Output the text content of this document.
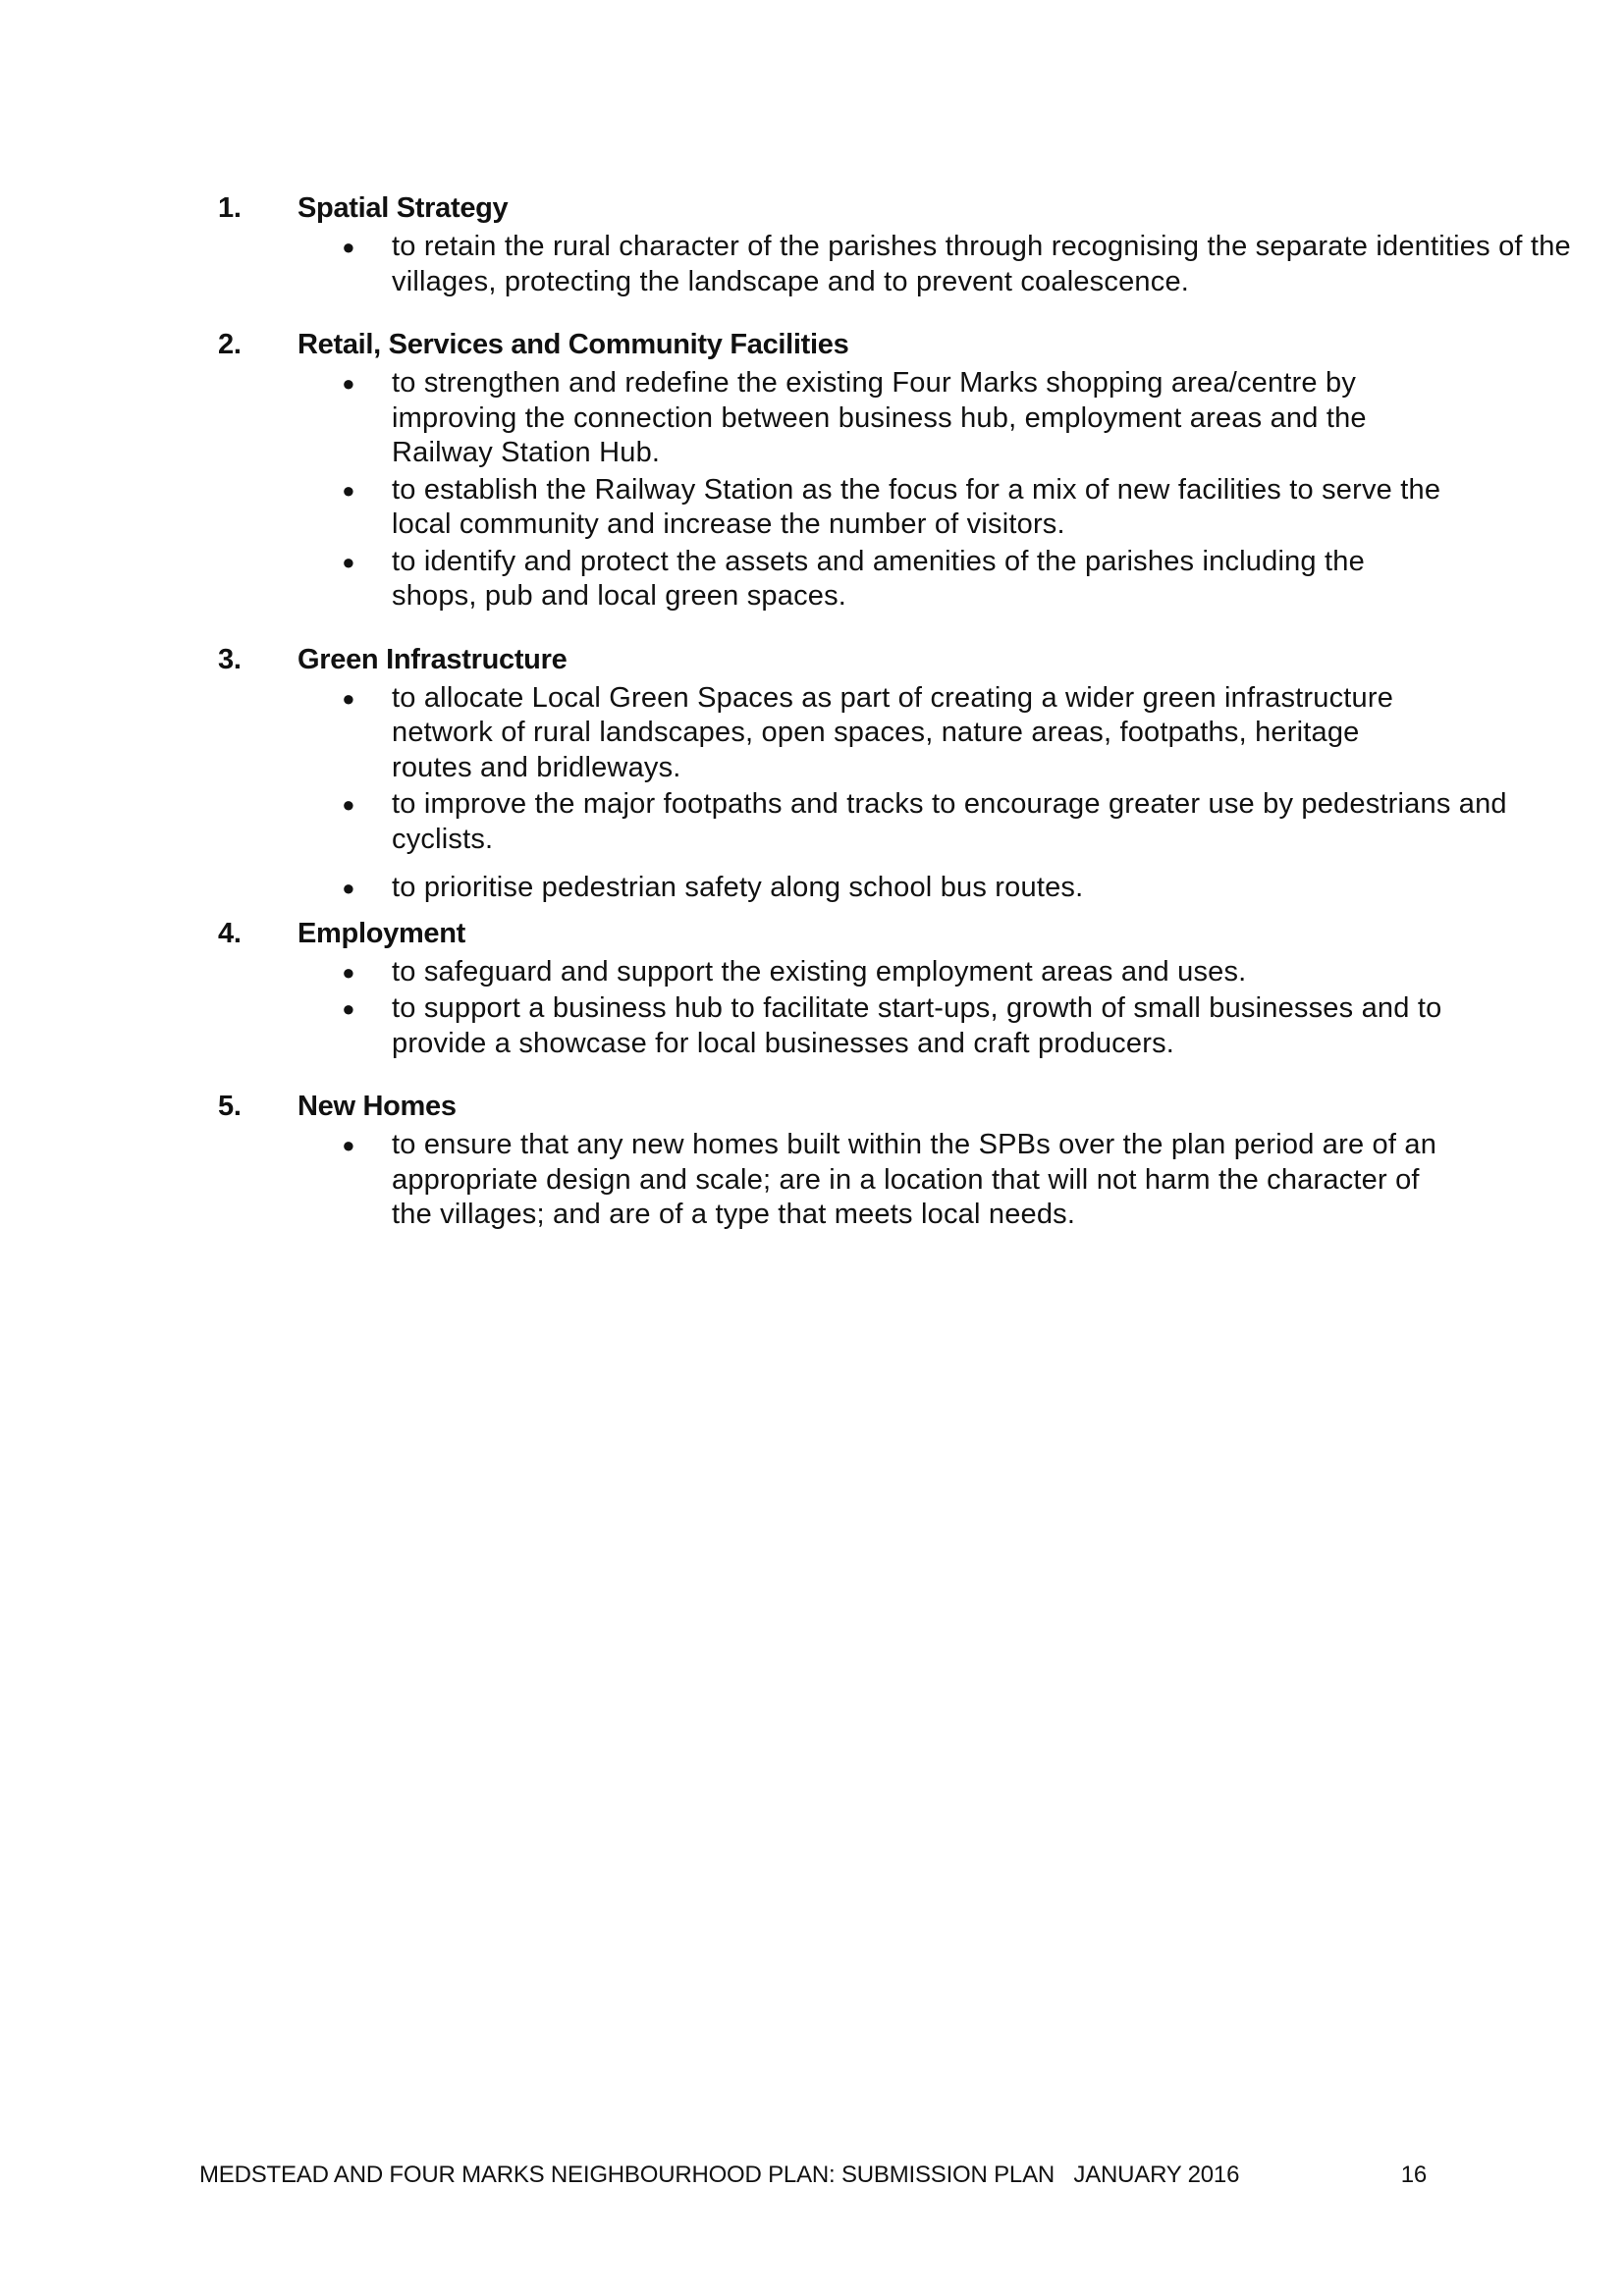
1.	Spatial Strategy
● to retain the rural character of the parishes through recognising the separate identities of the villages, protecting the landscape and to prevent coalescence.
2.	Retail, Services and Community Facilities
● to strengthen and redefine the existing Four Marks shopping area/centre by improving the connection between business hub, employment areas and the Railway Station Hub.
● to establish the Railway Station as the focus for a mix of new facilities to serve the local community and increase the number of visitors.
● to identify and protect the assets and amenities of the parishes including the shops, pub and local green spaces.
3.	Green Infrastructure
● to allocate Local Green Spaces as part of creating a wider green infrastructure network of rural landscapes, open spaces, nature areas, footpaths, heritage routes and bridleways.
● to improve the major footpaths and tracks to encourage greater use by pedestrians and cyclists.
● to prioritise pedestrian safety along school bus routes.
4.	Employment
● to safeguard and support the existing employment areas and uses.
● to support a business hub to facilitate start-ups, growth of small businesses and to provide a showcase for local businesses and craft producers.
5.	New Homes
● to ensure that any new homes built within the SPBs over the plan period are of an appropriate design and scale; are in a location that will not harm the character of the villages; and are of a type that meets local needs.
MEDSTEAD AND FOUR MARKS NEIGHBOURHOOD PLAN: SUBMISSION PLAN   JANUARY 2016	16
